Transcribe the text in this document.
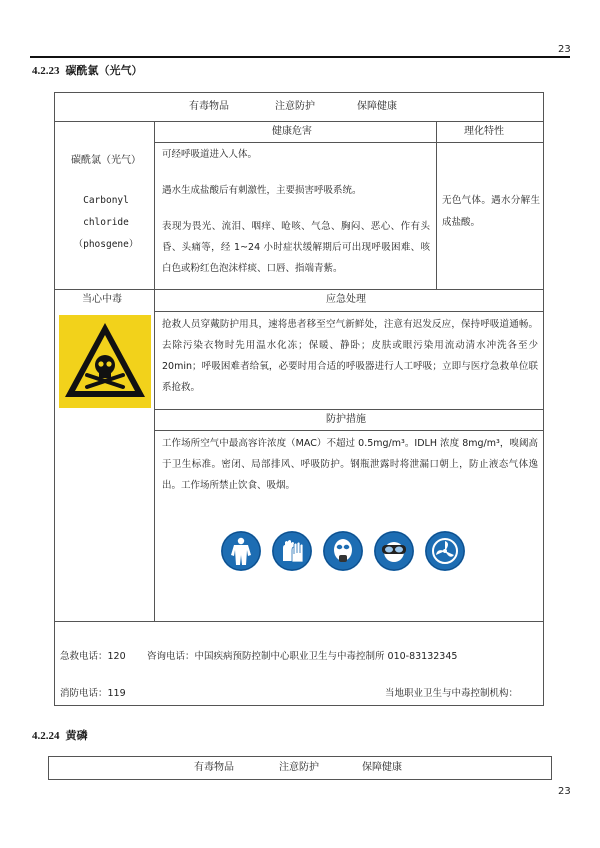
23
4.2.23 碳酰氯（光气）
有毒物品	注意防护	保障健康
健康危害	理化特性
碳酰氯（光气）
Carbonyl
chloride
（phosgene）
可经呼吸道进入人体。
遇水生成盐酸后有刺激性，主要损害呼吸系统。
表现为畏光、流泪、咽痒、呛咳、气急、胸闷、恶心、作有头昏、头痛等，经 1~24 小时症状缓解期后可出现呼吸困难、咳白色或粉红色泡沫样痰、口唇、指端青紫。
无色气体。遇水分解生成盐酸。
当心中毒	应急处理
抢救人员穿戴防护用具，速将患者移至空气新鲜处，注意有迟发反应，保持呼吸道通畅。去除污染衣物时先用温水化冻；保暖、静卧；皮肤或眼污染用流动清水冲洗各至少 20min；呼吸困难者给氧，必要时用合适的呼吸器进行人工呼吸；立即与医疗急救单位联系抢救。
防护措施
工作场所空气中最高容许浓度（MAC）不超过 0.5mg/m³。IDLH 浓度 8mg/m³，嗅阈高于卫生标准。密闭、局部排风、呼吸防护。钢瓶泄露时将泄漏口朝上，防止液态气体逸出。工作场所禁止饮食、吸烟。
急救电话：120 咨询电话：中国疾病预防控制中心职业卫生与中毒控制所 010-83132345
消防电话：119	当地职业卫生与中毒控制机构：
4.2.24 黄磷
有毒物品	注意防护	保障健康
23
